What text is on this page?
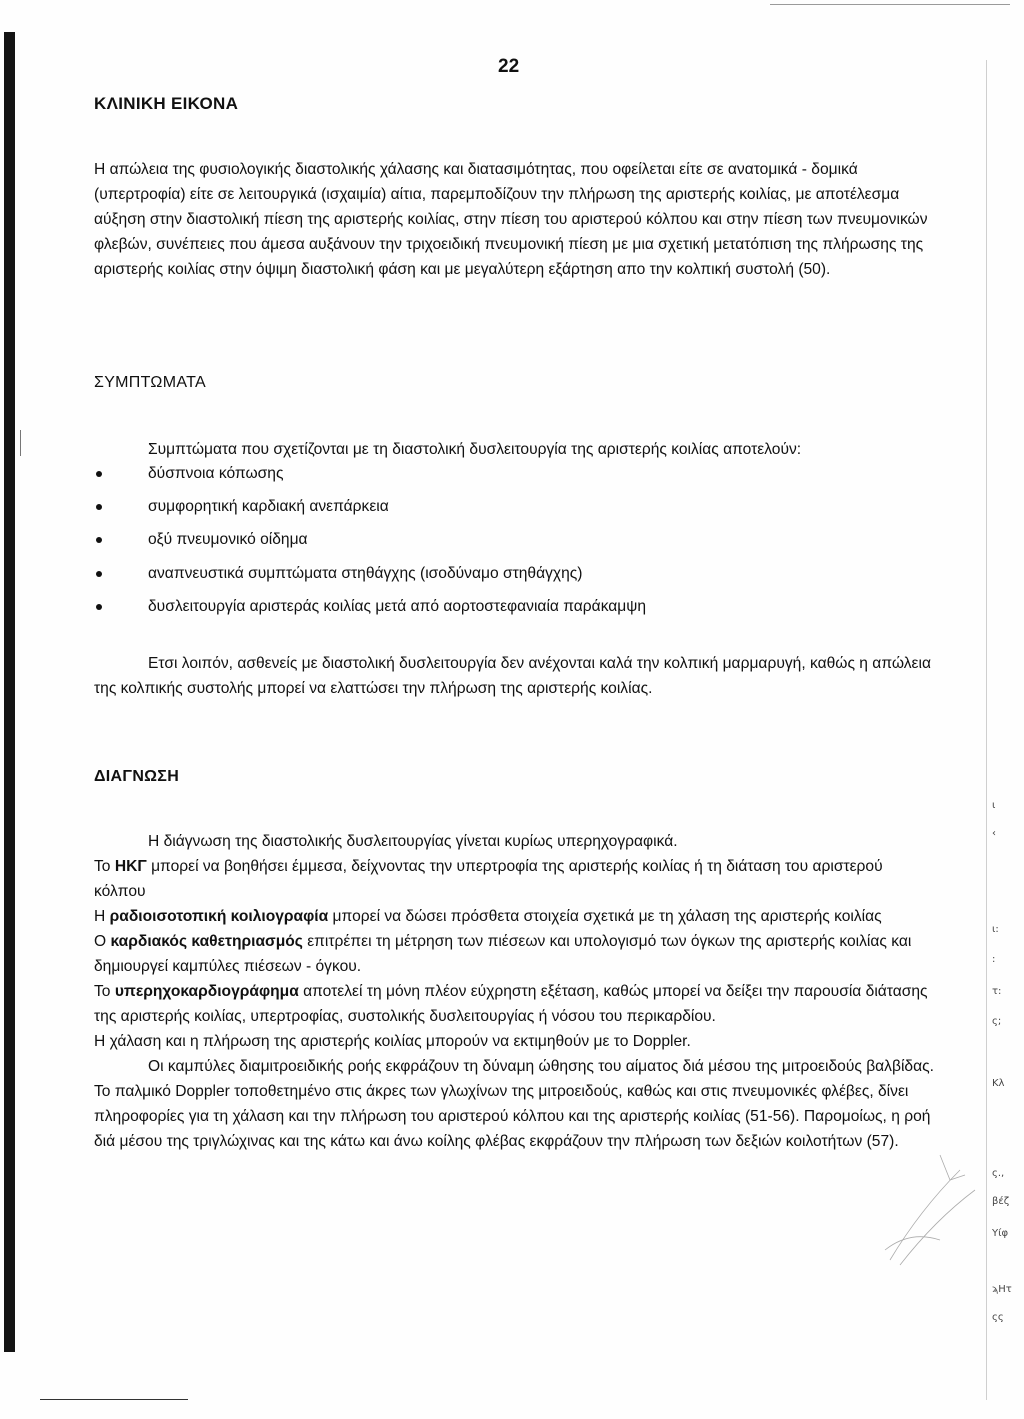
22
ΚΛΙΝΙΚΗ ΕΙΚΟΝΑ

Η απώλεια της φυσιολογικής διαστολικής χάλασης και διατασιμότητας, που οφείλεται είτε σε ανατομικά - δομικά (υπερτροφία) είτε σε λειτουργικά (ισχαιμία) αίτια, παρεμποδίζουν την πλήρωση της αριστερής κοιλίας, με αποτέλεσμα αύξηση στην διαστολική πίεση της αριστερής κοιλίας, στην πίεση του αριστερού κόλπου και στην πίεση των πνευμονικών φλεβών, συνέπειες που άμεσα αυξάνουν την τριχοειδική πνευμονική πίεση με μια σχετική μετατόπιση της πλήρωσης της αριστερής κοιλίας στην όψιμη διαστολική φάση και με μεγαλύτερη εξάρτηση απο την κολπική συστολή (50).

ΣΥΜΠΤΩΜΑΤΑ

Συμπτώματα που σχετίζονται με τη διαστολική δυσλειτουργία της αριστερής κοιλίας αποτελούν:

δύσπνοια κόπωσης
συμφορητική καρδιακή ανεπάρκεια
οξύ πνευμονικό οίδημα
αναπνευστικά συμπτώματα στηθάγχης (ισοδύναμο στηθάγχης)
δυσλειτουργία αριστεράς κοιλίας μετά από αορτοστεφανιαία παράκαμψη

Ετσι λοιπόν, ασθενείς με διαστολική δυσλειτουργία δεν ανέχονται καλά την κολπική μαρμαρυγή, καθώς η απώλεια της κολπικής συστολής μπορεί να ελαττώσει την πλήρωση της αριστερής κοιλίας.

ΔΙΑΓΝΩΣΗ
Η διάγνωση της διαστολικής δυσλειτουργίας γίνεται κυρίως υπερηχογραφικά.
Το ΗΚΓ μπορεί να βοηθήσει έμμεσα, δείχνοντας την υπερτροφία της αριστερής κοιλίας ή τη διάταση του αριστερού κόλπου
Η ραδιοισοτοπική κοιλιογραφία μπορεί να δώσει πρόσθετα στοιχεία σχετικά με τη χάλαση της αριστερής κοιλίας
Ο καρδιακός καθετηριασμός επιτρέπει τη μέτρηση των πιέσεων και υπολογισμό των όγκων της αριστερής κοιλίας και δημιουργεί καμπύλες πιέσεων - όγκου.
Το υπερηχοκαρδιογράφημα αποτελεί τη μόνη πλέον εύχρηστη εξέταση, καθώς μπορεί να δείξει την παρουσία διάτασης της αριστερής κοιλίας, υπερτροφίας, συστολικής δυσλειτουργίας ή νόσου του περικαρδίου.
Η χάλαση και η πλήρωση της αριστερής κοιλίας μπορούν να εκτιμηθούν με το Doppler.
Οι καμπύλες διαμιτροειδικής ροής εκφράζουν τη δύναμη ώθησης του αίματος διά μέσου της μιτροειδούς βαλβίδας. Το παλμικό Doppler τοποθετημένο στις άκρες των γλωχίνων της μιτροειδούς, καθώς και στις πνευμονικές φλέβες, δίνει πληροφορίες για τη χάλαση και την πλήρωση του αριστερού κόλπου και της αριστερής κοιλίας (51-56). Παρομοίως, η ροή διά μέσου της τριγλώχινας και της κάτω και άνω κοίλης φλέβας εκφράζουν την πλήρωση των δεξιών κοιλοτήτων (57).
ι
‹
ι:
:
τ:
ς;
Κλ
ς.,
βέζ
Υίφ
ϡΗτ
ςς
